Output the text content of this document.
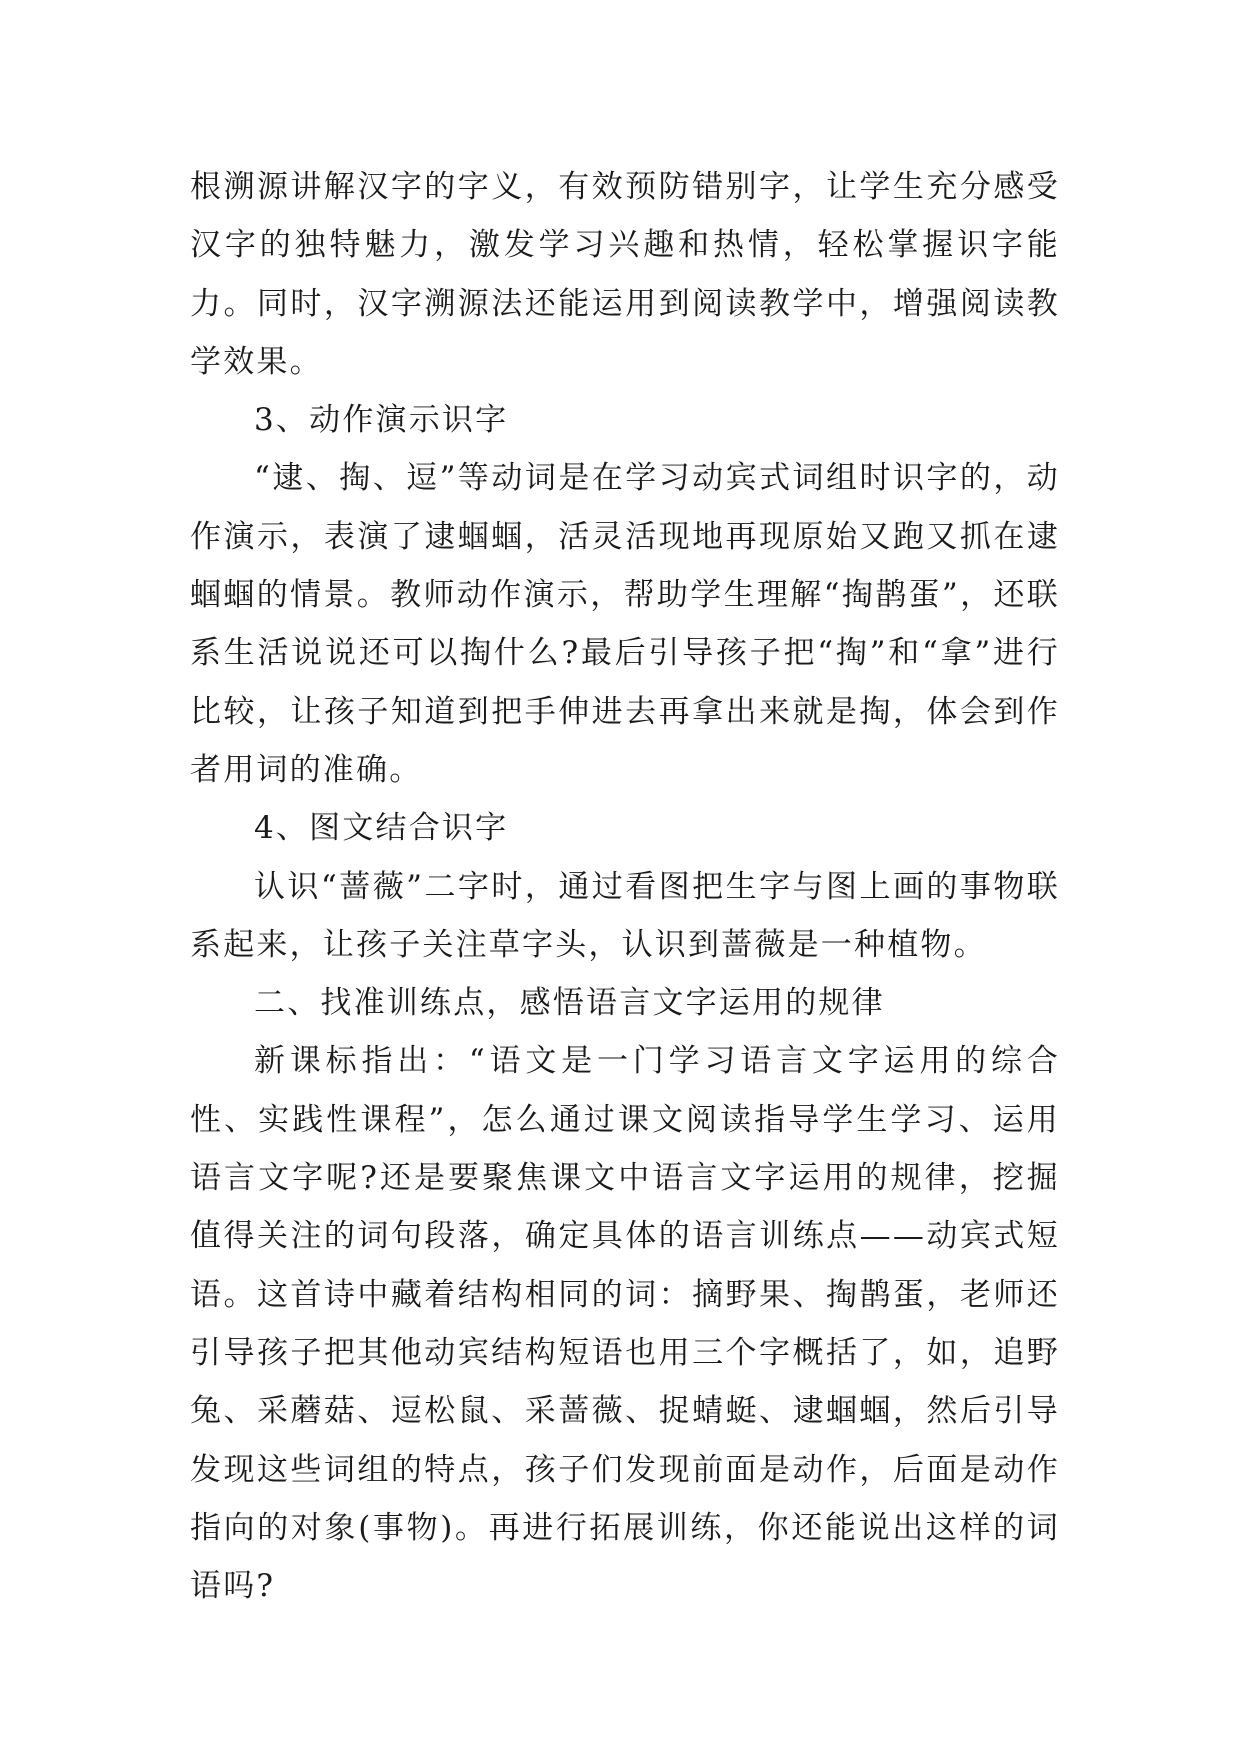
根溯源讲解汉字的字义，有效预防错别字，让学生充分感受汉字的独特魅力，激发学习兴趣和热情，轻松掌握识字能力。同时，汉字溯源法还能运用到阅读教学中，增强阅读教学效果。

3、动作演示识字

“逮、掏、逗”等动词是在学习动宾式词组时识字的，动作演示，表演了逮蝈蝈，活灵活现地再现原始又跑又抓在逮蝈蝈的情景。教师动作演示，帮助学生理解“掏鹊蛋”，还联系生活说说还可以掏什么?最后引导孩子把“掏”和“拿”进行比较，让孩子知道到把手伸进去再拿出来就是掏，体会到作者用词的准确。

4、图文结合识字

认识“蔷薇”二字时，通过看图把生字与图上画的事物联系起来，让孩子关注草字头，认识到蔷薇是一种植物。

二、找准训练点，感悟语言文字运用的规律

新课标指出：“语文是一门学习语言文字运用的综合性、实践性课程”，怎么通过课文阅读指导学生学习、运用语言文字呢?还是要聚焦课文中语言文字运用的规律，挖掘值得关注的词句段落，确定具体的语言训练点——动宾式短语。这首诗中藏着结构相同的词：摘野果、掏鹊蛋，老师还引导孩子把其他动宾结构短语也用三个字概括了，如，追野兔、采蘑菇、逗松鼠、采蔷薇、捉蜻蜓、逮蝈蝈，然后引导发现这些词组的特点，孩子们发现前面是动作，后面是动作指向的对象(事物)。再进行拓展训练，你还能说出这样的词语吗?
